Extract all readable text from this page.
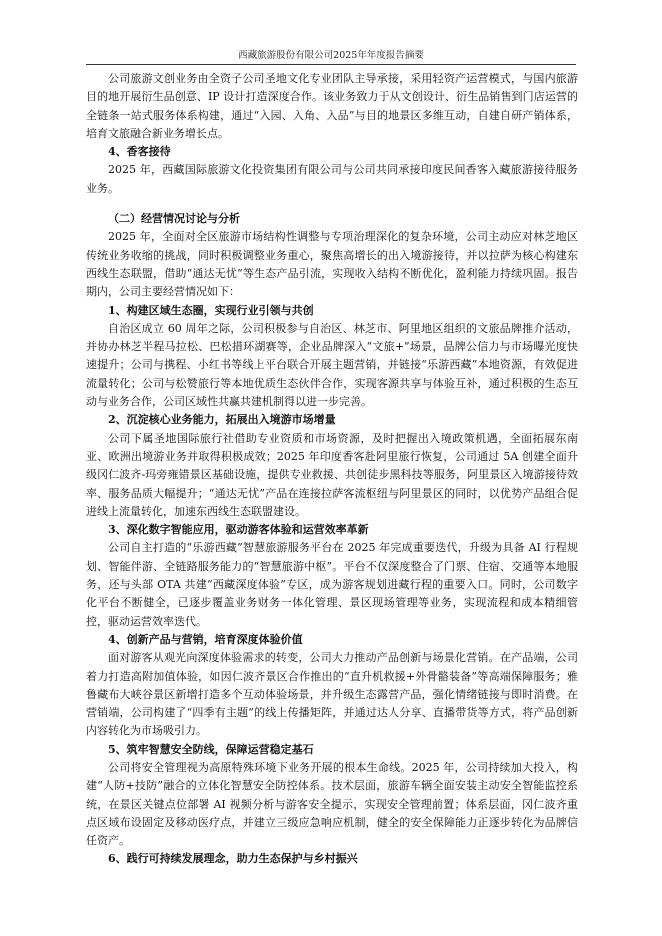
西藏旅游股份有限公司2025年年度报告摘要

公司旅游文创业务由全资子公司圣地文化专业团队主导承接，采用轻资产运营模式，与国内旅游目的地开展衍生品创意、IP 设计打造深度合作。该业务致力于从文创设计、衍生品销售到门店运营的全链条一站式服务体系构建，通过“入园、入角、入品”与目的地景区多维互动，自建自研产销体系，培育文旅融合新业务增长点。

4、香客接待

2025 年，西藏国际旅游文化投资集团有限公司与公司共同承接印度民间香客入藏旅游接待服务业务。

（二）经营情况讨论与分析

2025 年，全面对全区旅游市场结构性调整与专项治理深化的复杂环境，公司主动应对林芝地区传统业务收缩的挑战，同时积极调整业务重心，聚焦高增长的出入境游接待，并以拉萨为核心构建东西线生态联盟，借助“通达无忧”等生态产品引流，实现收入结构不断优化，盈利能力持续巩固。报告期内，公司主要经营情况如下：

1、构建区域生态圈，实现行业引领与共创

自治区成立 60 周年之际，公司积极参与自治区、林芝市、阿里地区组织的文旅品牌推介活动，并协办林芝半程马拉松、巴松措环湖赛等，企业品牌深入“文旅+”场景，品牌公信力与市场曝光度快速提升；公司与携程、小红书等线上平台联合开展主题营销，并链接“乐游西藏”本地资源，有效促进流量转化；公司与松赞旅行等本地优质生态伙伴合作，实现客源共享与体验互补，通过积极的生态互动与业务合作，公司区域性共赢共建机制得以进一步完善。

2、沉淀核心业务能力，拓展出入境游市场增量

公司下属圣地国际旅行社借助专业资质和市场资源，及时把握出入境政策机遇，全面拓展东南亚、欧洲出境游业务并取得积极成效；2025 年印度香客赴阿里旅行恢复，公司通过 5A 创建全面升级冈仁波齐-玛旁雍错景区基础设施，提供专业救援、共创徒步黑科技等服务，阿里景区入境游接待效率、服务品质大幅提升；“通达无忧”产品在连接拉萨客流枢纽与阿里景区的同时，以优势产品组合促进线上流量转化，加速东西线生态联盟建设。

3、深化数字智能应用，驱动游客体验和运营效率革新

公司自主打造的“乐游西藏”智慧旅游服务平台在 2025 年完成重要迭代，升级为具备 AI 行程规划、智能伴游、全链路服务能力的“智慧旅游中枢”。平台不仅深度整合了门票、住宿、交通等本地服务，还与头部 OTA 共建“西藏深度体验”专区，成为游客规划进藏行程的重要入口。同时，公司数字化平台不断健全，已逐步覆盖业务财务一体化管理、景区现场管理等业务，实现流程和成本精细管控，驱动运营效率迭代。

4、创新产品与营销，培育深度体验价值

面对游客从观光向深度体验需求的转变，公司大力推动产品创新与场景化营销。在产品端，公司着力打造高附加值体验，如因仁波齐景区合作推出的“直升机救援+外骨骼装备”等高端保障服务；雅鲁藏布大峡谷景区新增打造多个互动体验场景，并升级生态露营产品，强化情绪链接与即时消费。在营销端，公司构建了“四季有主题”的线上传播矩阵，并通过达人分享、直播带货等方式，将产品创新内容转化为市场吸引力。

5、筑牢智慧安全防线，保障运营稳定基石

公司将安全管理视为高原特殊环境下业务开展的根本生命线。2025 年，公司持续加大投入，构建“人防+技防”融合的立体化智慧安全防控体系。技术层面，旅游车辆全面安装主动安全智能监控系统，在景区关键点位部署 AI 视频分析与游客安全提示，实现安全管理前置；体系层面，冈仁波齐重点区域布设固定及移动医疗点，并建立三级应急响应机制，健全的安全保障能力正逐步转化为品牌信任资产。

6、践行可持续发展理念，助力生态保护与乡村振兴
